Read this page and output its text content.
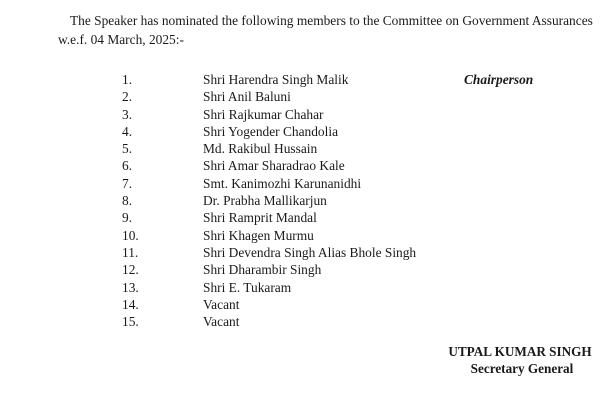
The Speaker has nominated the following members to the Committee on Government Assurances
w.e.f. 04 March, 2025:-
1.	Shri Harendra Singh Malik	Chairperson
2.	Shri Anil Baluni
3.	Shri Rajkumar Chahar
4.	Shri Yogender Chandolia
5.	Md. Rakibul Hussain
6.	Shri Amar Sharadrao Kale
7.	Smt. Kanimozhi Karunanidhi
8.	Dr. Prabha Mallikarjun
9.	Shri Ramprit Mandal
10.	Shri Khagen Murmu
11.	Shri Devendra Singh Alias Bhole Singh
12.	Shri Dharambir Singh
13.	Shri E. Tukaram
14.	Vacant
15.	Vacant
UTPAL KUMAR SINGH
Secretary General
